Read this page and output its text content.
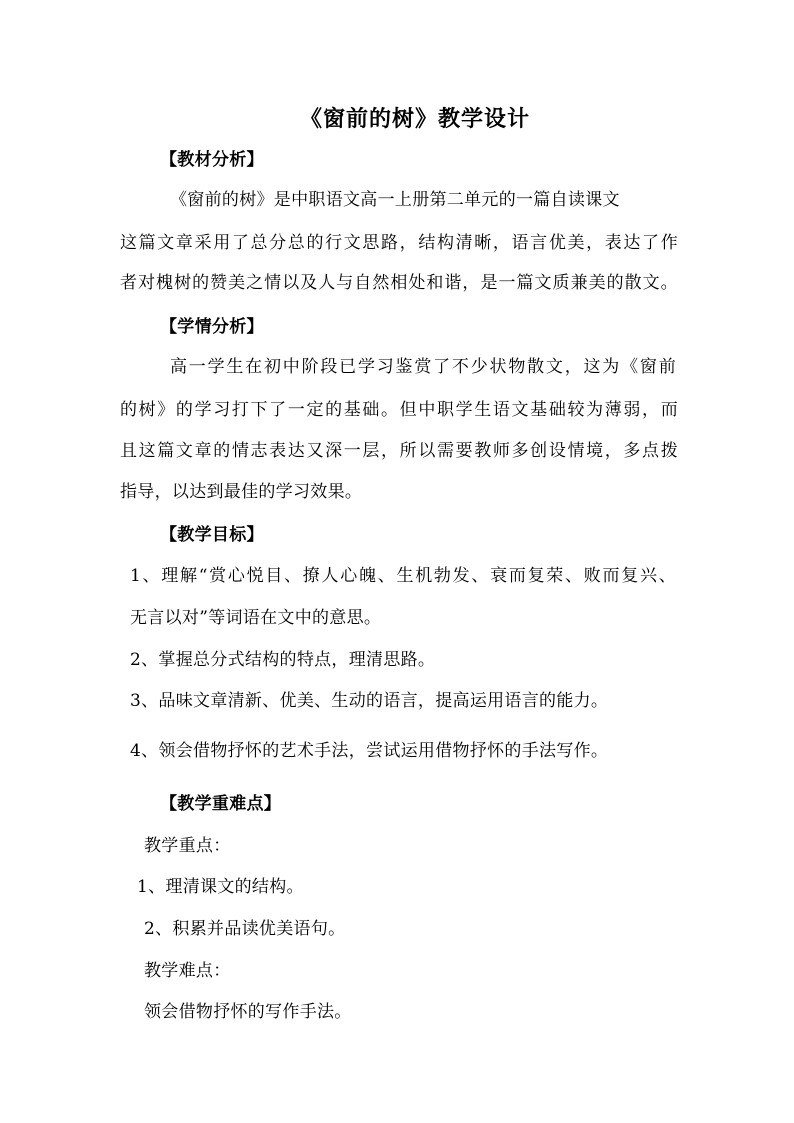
《窗前的树》教学设计
【教材分析】
《窗前的树》是中职语文高一上册第二单元的一篇自读课文
这篇文章采用了总分总的行文思路，结构清晰，语言优美，表达了作
者对槐树的赞美之情以及人与自然相处和谐，是一篇文质兼美的散文。
【学情分析】
高一学生在初中阶段已学习鉴赏了不少状物散文，这为《窗前
的树》的学习打下了一定的基础。但中职学生语文基础较为薄弱，而
且这篇文章的情志表达又深一层，所以需要教师多创设情境，多点拨
指导，以达到最佳的学习效果。
【教学目标】
1、理解“赏心悦目、撩人心魄、生机勃发、衰而复荣、败而复兴、
无言以对”等词语在文中的意思。
2、掌握总分式结构的特点，理清思路。
3、品味文章清新、优美、生动的语言，提高运用语言的能力。
4、领会借物抒怀的艺术手法，尝试运用借物抒怀的手法写作。
【教学重难点】
教学重点：
1、理清课文的结构。
2、积累并品读优美语句。
教学难点：
领会借物抒怀的写作手法。
